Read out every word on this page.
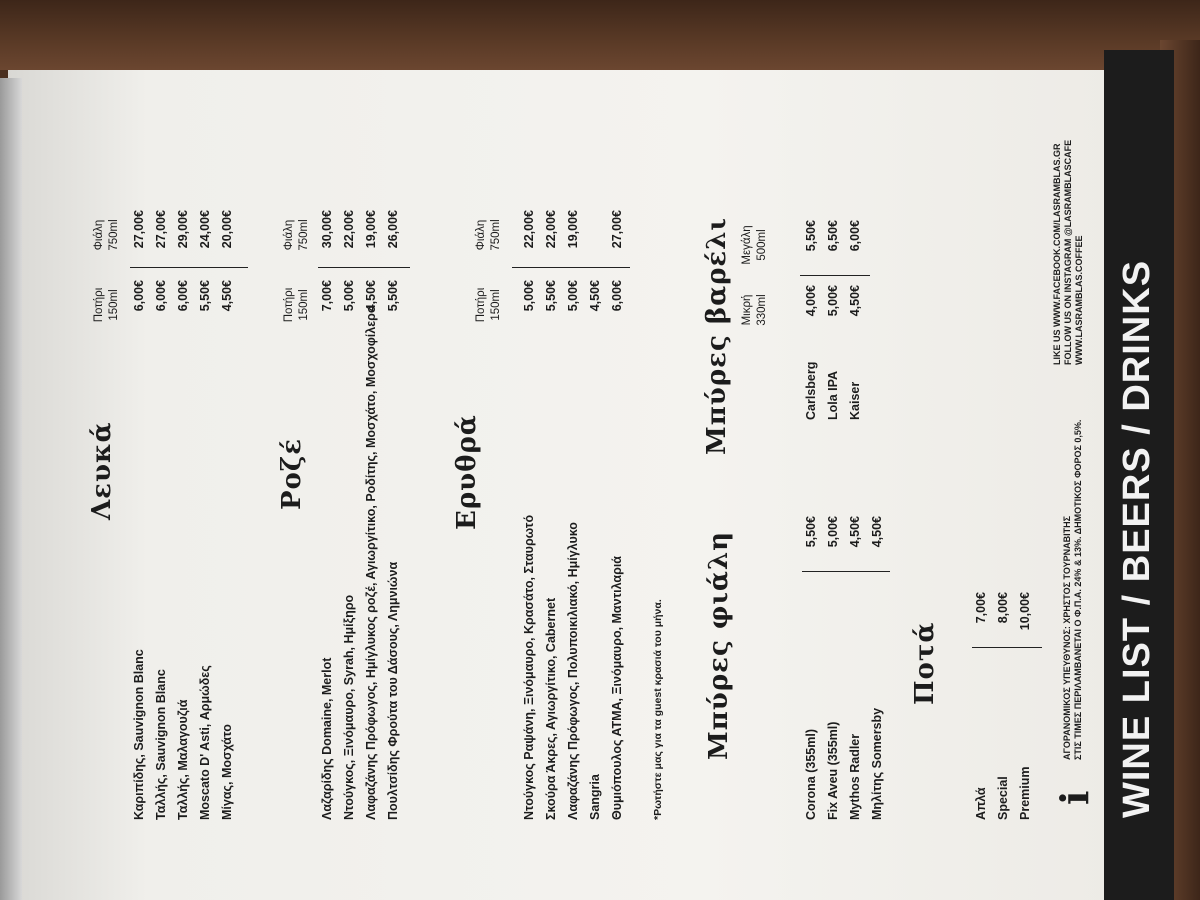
Λευκά
Ποτήρι 150ml
Φιάλη 750ml
Καριπίδης, Sauvignon Blanc
6,00€
27,00€
Ταλλής, Sauvignon Blanc
6,00€
27,00€
Ταλλής, Μαλαγουζιά
6,00€
29,00€
Moscato D' Asti, Αρμώδες
5,50€
24,00€
Μίγας, Μοσχάτο
4,50€
20,00€
Ροζέ
Ποτήρι 150ml
Φιάλη 750ml
Λαζαρίδης Domaine, Merlot
7,00€
30,00€
Ντούγκος, Ξινόμαυρο, Syrah, Ημίξηρο
5,00€
22,00€
Λαφαζάνης Πρόφωγος, Ημίγλυκος ροζέ, Αγιωργίτικο, Ροδίτης, Μοσχάτο, Μοσχοφίλερο
4,50€
19,00€
Πουλτσίδης Φρούτα του Δάσους, Λημνιώνα
5,50€
26,00€
Ερυθρά
Ποτήρι 150ml
Φιάλη 750ml
Ντούγκος Ραψάνη, Ξινόμαυρο, Κρασάτο, Σταυρωτό
5,00€
22,00€
Σκούρα Άκρες, Αγιωργίτικο, Cabernet
5,50€
22,00€
Λαφαζάνης Πρόφωγος, Πολυποικιλιακό, Ημίγλυκο
5,00€
19,00€
Sangria
4,50€
Θυμιόπουλος ΑΤΜΑ, Ξινόμαυρο, Μαντιλαριά
6,00€
27,00€
*Ρωτήστε μας για τα guest κρασιά του μήνα. Μπύρες φιάλη
Corona (355ml)
5,50€
Fix Aveu (355ml)
5,00€
Mythos Radler
4,50€
Μηλίτης Somersby
4,50€
Μπύρες βαρέλι Μικρή 330ml
Μεγάλη 500ml
Carlsberg
4,00€
5,50€
Lola IPA
5,00€
6,50€
Kaiser
4,50€
6,00€
Ποτά
Απλά
7,00€
Special
8,00€
Premium
10,00€
i
ΑΓΟΡΑΝΟΜΙΚΟΣ ΥΠΕΥΘΥΝΟΣ: ΧΡΗΣΤΟΣ ΤΟΥΡΝΑΒΙΤΗΣ ΣΤΙΣ ΤΙΜΕΣ ΠΕΡΙΛΑΜΒΑΝΕΤΑΙ Ο Φ.Π.Α. 24% & 13%. ΔΗΜΟΤΙΚΟΣ ΦΟΡΟΣ 0,5%.
LIKE US WWW.FACEBOOK.COM/LASRAMBLAS.GR FOLLOW US ON INSTAGRAM @LASRAMBLASCAFE WWW.LASRAMBLAS.COFFEE WINE LIST / BEERS / DRINKS
